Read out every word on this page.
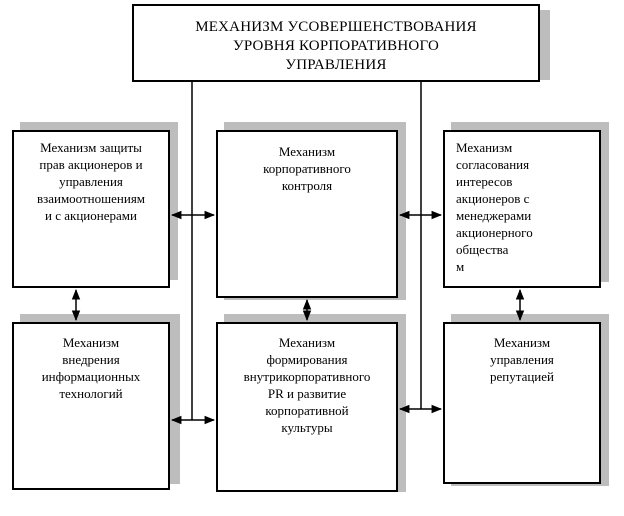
МЕХАНИЗМ УСОВЕРШЕНСТВОВАНИЯ
УРОВНЯ КОРПОРАТИВНОГО
УПРАВЛЕНИЯ
Механизм защиты
прав акционеров и
управления
взаимоотношениям
и с акционерами
Механизм
корпоративного
контроля
Механизм
согласования
интересов
акционеров с
менеджерами
акционерного
общества
м
Механизм
внедрения
информационных
технологий
Механизм
формирования
внутрикорпоративного
PR и развитие
корпоративной
культуры
Механизм
управления
репутацией
